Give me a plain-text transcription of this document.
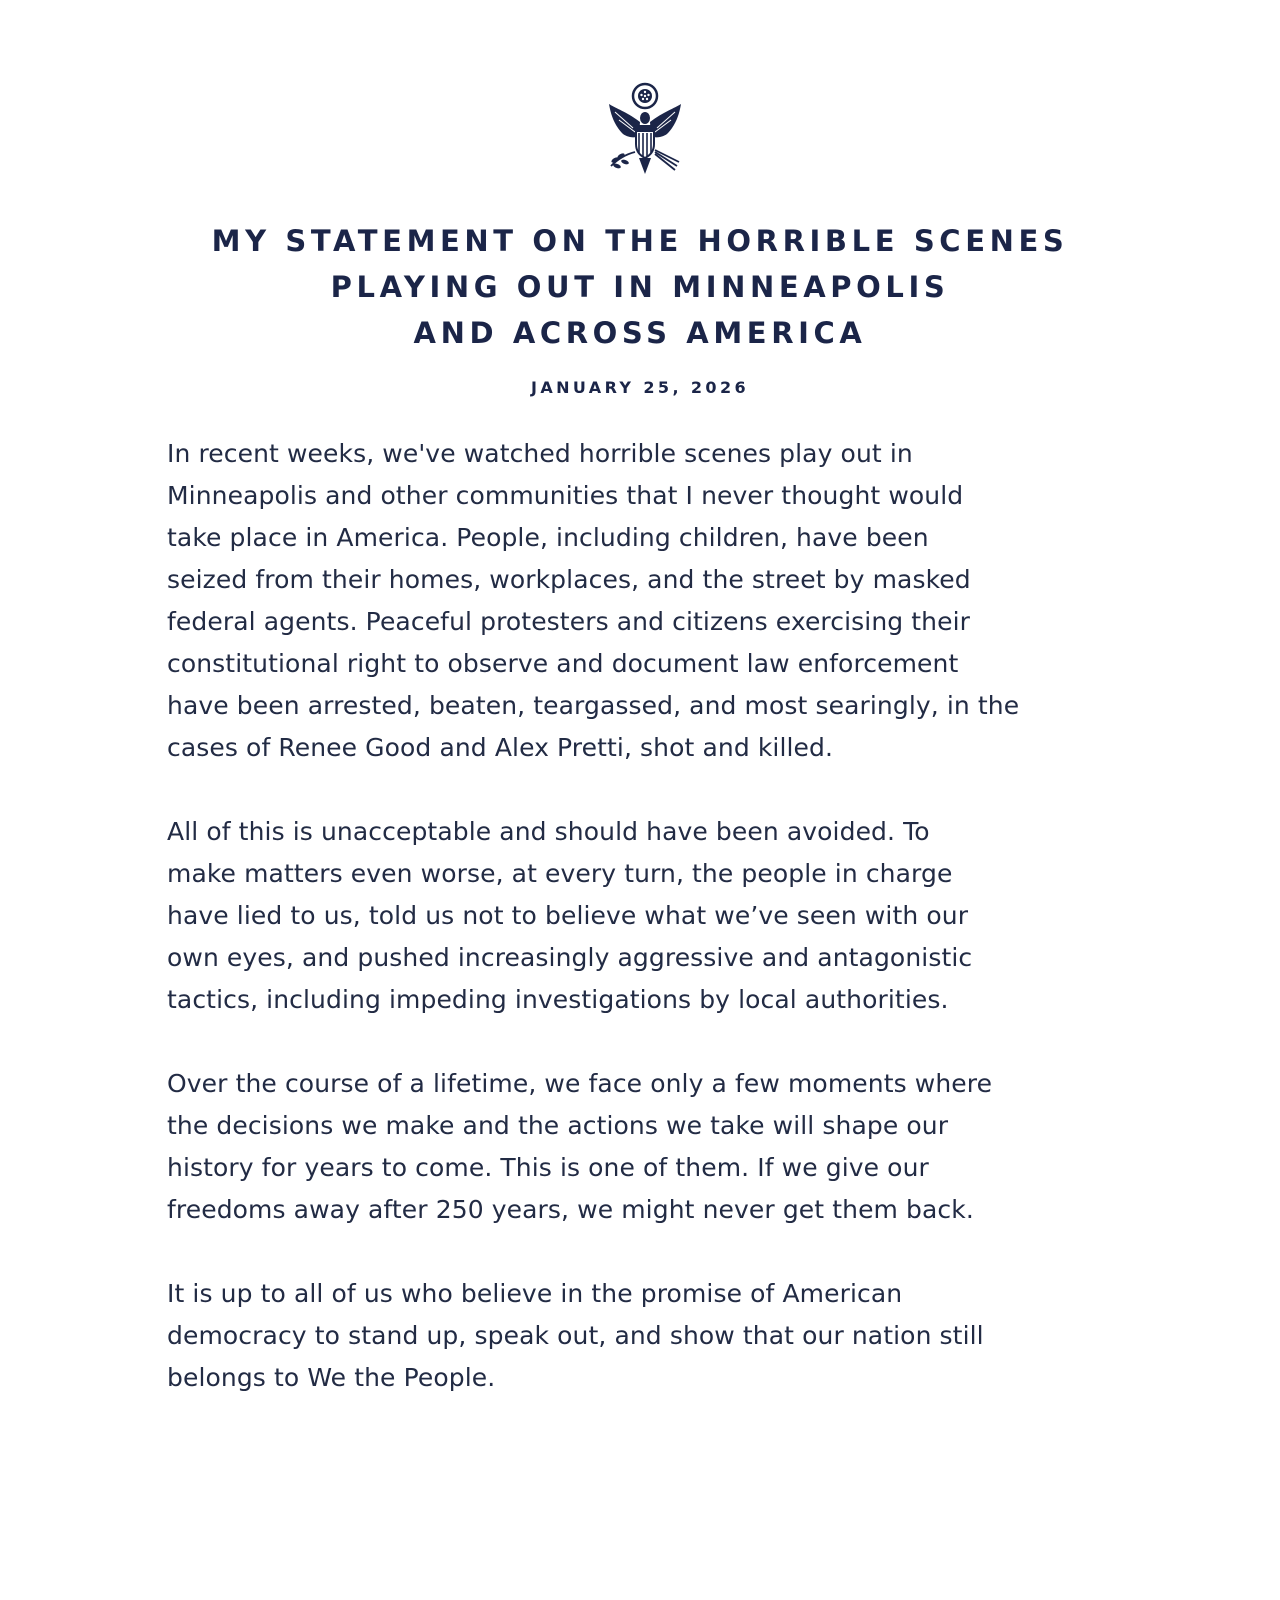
MY STATEMENT ON THE HORRIBLE SCENES
PLAYING OUT IN MINNEAPOLIS
AND ACROSS AMERICA
JANUARY 25, 2026

In recent weeks, we've watched horrible scenes play out in
Minneapolis and other communities that I never thought would
take place in America. People, including children, have been
seized from their homes, workplaces, and the street by masked
federal agents. Peaceful protesters and citizens exercising their
constitutional right to observe and document law enforcement
have been arrested, beaten, teargassed, and most searingly, in the
cases of Renee Good and Alex Pretti, shot and killed.

All of this is unacceptable and should have been avoided. To
make matters even worse, at every turn, the people in charge
have lied to us, told us not to believe what we’ve seen with our
own eyes, and pushed increasingly aggressive and antagonistic
tactics, including impeding investigations by local authorities.

Over the course of a lifetime, we face only a few moments where
the decisions we make and the actions we take will shape our
history for years to come. This is one of them. If we give our
freedoms away after 250 years, we might never get them back.

It is up to all of us who believe in the promise of American
democracy to stand up, speak out, and show that our nation still
belongs to We the People.
